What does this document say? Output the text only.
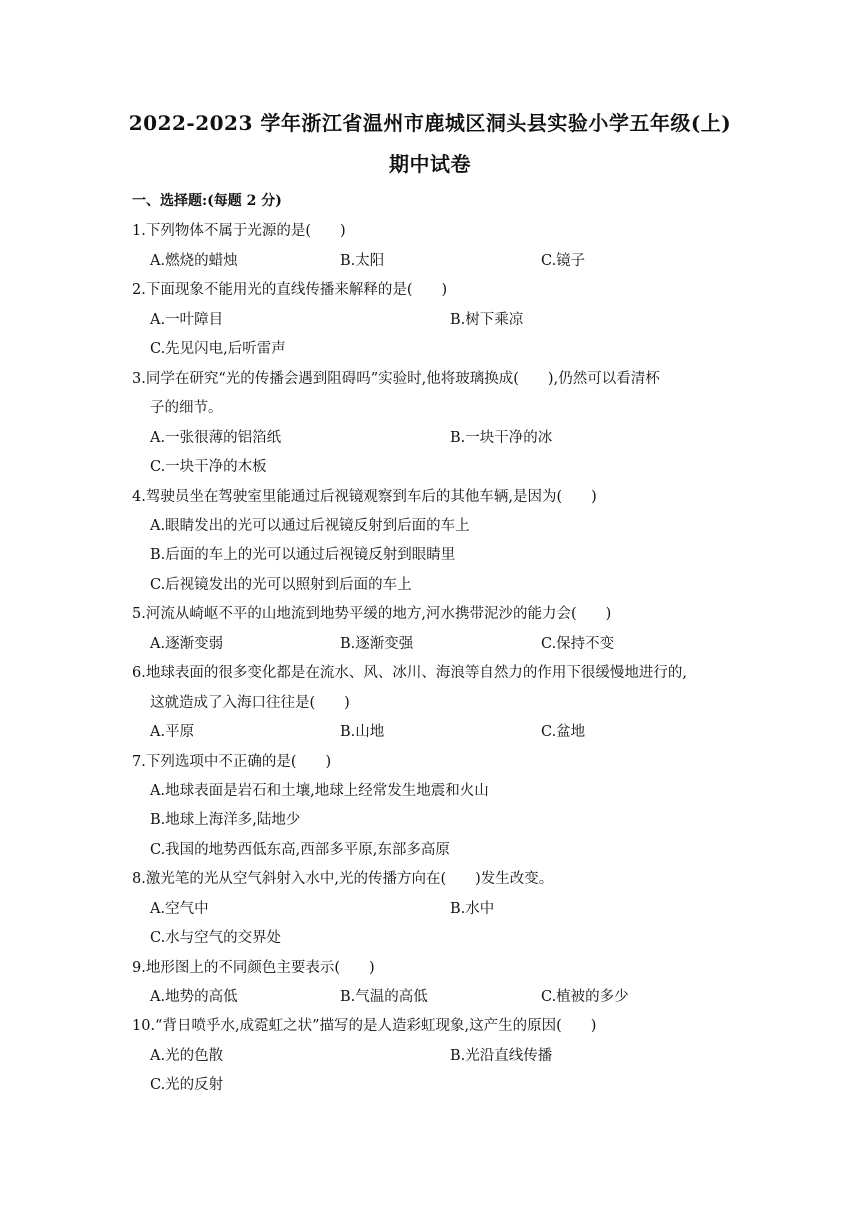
2022-2023 学年浙江省温州市鹿城区洞头县实验小学五年级(上)
期中试卷
一、选择题:(每题 2 分)
1.下列物体不属于光源的是(　　)
A.燃烧的蜡烛	B.太阳	C.镜子
2.下面现象不能用光的直线传播来解释的是(　　)
A.一叶障目	B.树下乘凉
C.先见闪电,后听雷声
3.同学在研究“光的传播会遇到阻碍吗”实验时,他将玻璃换成(　　),仍然可以看清杯
子的细节。
A.一张很薄的铝箔纸	B.一块干净的冰
C.一块干净的木板
4.驾驶员坐在驾驶室里能通过后视镜观察到车后的其他车辆,是因为(　　)
A.眼睛发出的光可以通过后视镜反射到后面的车上
B.后面的车上的光可以通过后视镜反射到眼睛里
C.后视镜发出的光可以照射到后面的车上
5.河流从崎岖不平的山地流到地势平缓的地方,河水携带泥沙的能力会(　　)
A.逐渐变弱	B.逐渐变强	C.保持不变
6.地球表面的很多变化都是在流水、风、冰川、海浪等自然力的作用下很缓慢地进行的,
这就造成了入海口往往是(　　)
A.平原	B.山地	C.盆地
7.下列选项中不正确的是(　　)
A.地球表面是岩石和土壤,地球上经常发生地震和火山
B.地球上海洋多,陆地少
C.我国的地势西低东高,西部多平原,东部多高原
8.激光笔的光从空气斜射入水中,光的传播方向在(　　)发生改变。
A.空气中	B.水中
C.水与空气的交界处
9.地形图上的不同颜色主要表示(　　)
A.地势的高低	B.气温的高低	C.植被的多少
10.“背日喷乎水,成霓虹之状”描写的是人造彩虹现象,这产生的原因(　　)
A.光的色散	B.光沿直线传播
C.光的反射
